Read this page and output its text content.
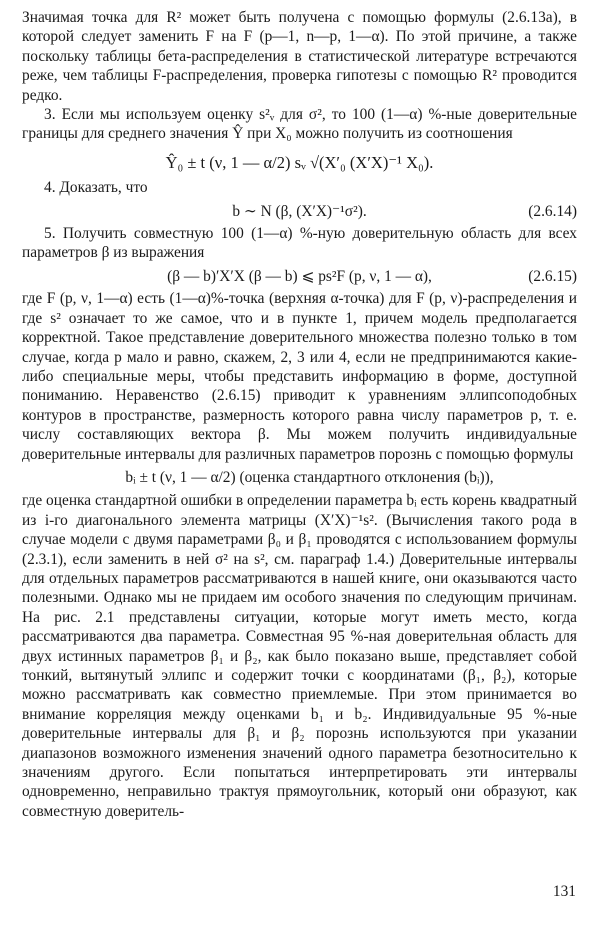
Значимая точка для R² может быть получена с помощью формулы (2.6.13а), в которой следует заменить F на F (p—1, n—p, 1—α). По этой причине, а также поскольку таблицы бета-распределения в статистической литературе встречаются реже, чем таблицы F-распределения, проверка гипотезы с помощью R² проводится редко.

3. Если мы используем оценку s²ᵥ для σ², то 100 (1—α) %-ные доверительные границы для среднего значения Ŷ при X₀ можно получить из соотношения

Ŷ₀ ± t (ν, 1 — α/2) sᵥ √(X′₀ (X′X)⁻¹ X₀).
4. Доказать, что
b ∼ N (β, (X′X)⁻¹σ²).	(2.6.14)

5. Получить совместную 100 (1—α) %-ную доверительную область для всех параметров β из выражения

(β — b)′X′X (β — b) ⩽ ps²F (p, ν, 1 — α),	(2.6.15)

где F (p, ν, 1—α) есть (1—α)%-точка (верхняя α-точка) для F (p, ν)-распределения и где s² означает то же самое, что и в пункте 1, причем модель предполагается корректной. Такое представление доверительного множества полезно только в том случае, когда p мало и равно, скажем, 2, 3 или 4, если не предпринимаются какие-либо специальные меры, чтобы представить информацию в форме, доступной пониманию. Неравенство (2.6.15) приводит к уравнениям эллипсоподобных контуров в пространстве, размерность которого равна числу параметров p, т. е. числу составляющих вектора β. Мы можем получить индивидуальные доверительные интервалы для различных параметров порознь с помощью формулы

bᵢ ± t (ν, 1 — α/2) (оценка стандартного отклонения (bᵢ)),

где оценка стандартной ошибки в определении параметра bᵢ есть корень квадратный из i-го диагонального элемента матрицы (X′X)⁻¹s². (Вычисления такого рода в случае модели с двумя параметрами β₀ и β₁ проводятся с использованием формулы (2.3.1), если заменить в ней σ² на s², см. параграф 1.4.) Доверительные интервалы для отдельных параметров рассматриваются в нашей книге, они оказываются часто полезными. Однако мы не придаем им особого значения по следующим причинам. На рис. 2.1 представлены ситуации, которые могут иметь место, когда рассматриваются два параметра. Совместная 95 %-ная доверительная область для двух истинных параметров β₁ и β₂, как было показано выше, представляет собой тонкий, вытянутый эллипс и содержит точки с координатами (β₁, β₂), которые можно рассматривать как совместно приемлемые. При этом принимается во внимание корреляция между оценками b₁ и b₂. Индивидуальные 95 %-ные доверительные интервалы для β₁ и β₂ порознь используются при указании диапазонов возможного изменения значений одного параметра безотносительно к значениям другого. Если попытаться интерпретировать эти интервалы одновременно, неправильно трактуя прямоугольник, который они образуют, как совместную доверитель-

131
